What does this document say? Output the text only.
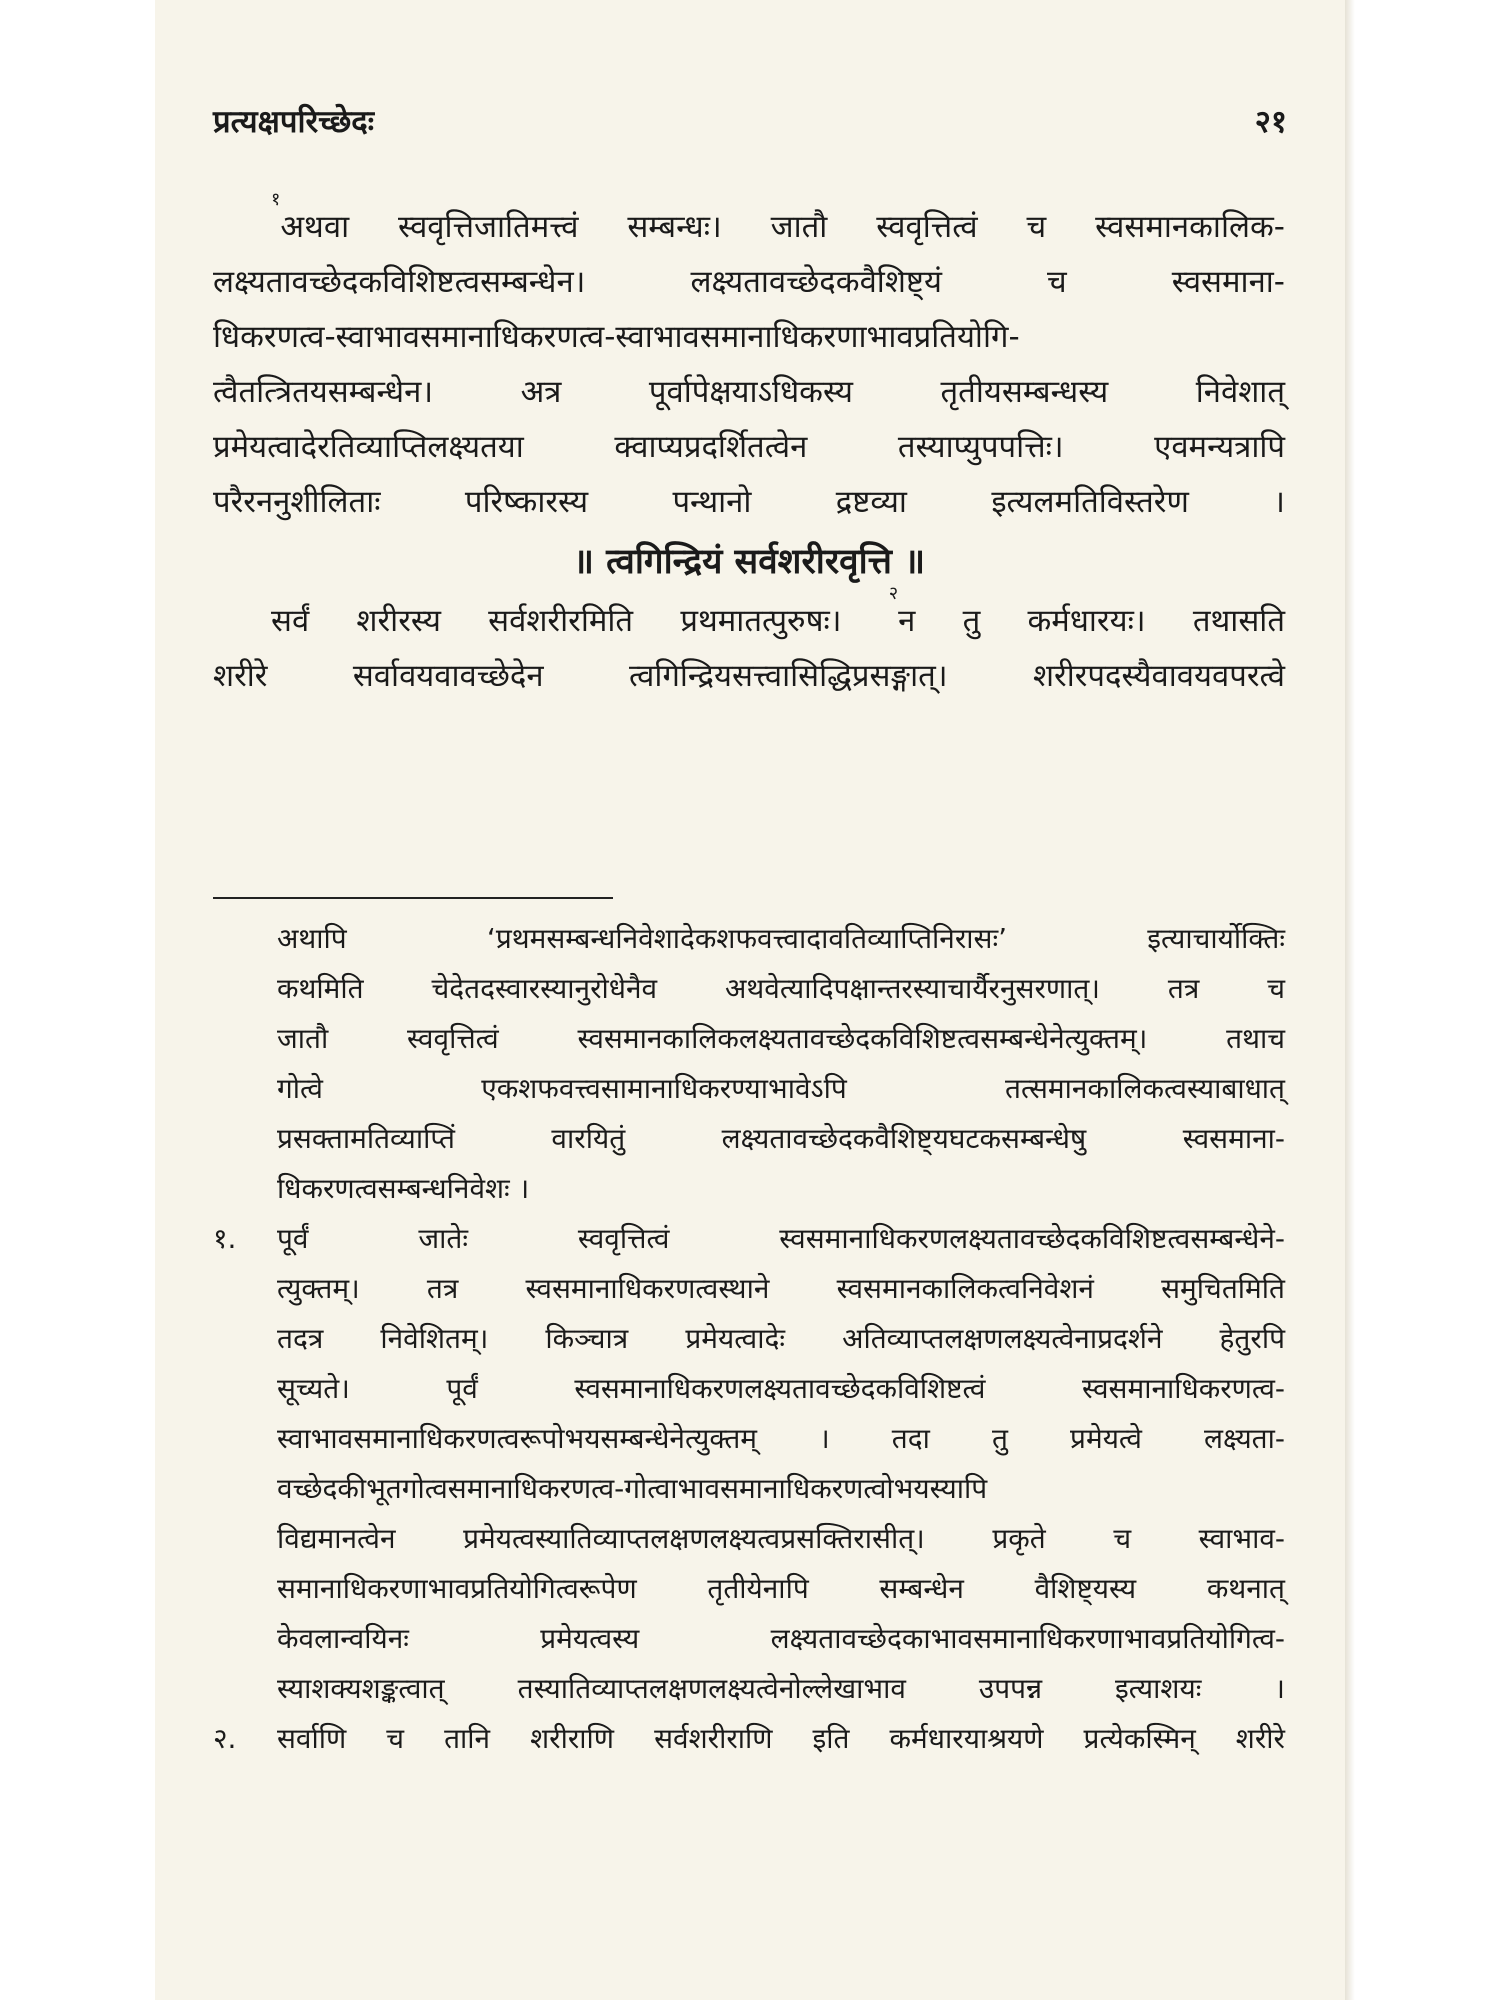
प्रत्यक्षपरिच्छेदः	२१

$^१$अथवा स्ववृत्तिजातिमत्त्वं सम्बन्धः। जातौ स्ववृत्तित्वं च स्वसमानकालिक-

लक्ष्यतावच्छेदकविशिष्टत्वसम्बन्धेन। लक्ष्यतावच्छेदकवैशिष्ट्यं च स्वसमाना-

धिकरणत्व-स्वाभावसमानाधिकरणत्व-स्वाभावसमानाधिकरणाभावप्रतियोगि-

त्वैतत्त्रितयसम्बन्धेन। अत्र पूर्वापेक्षयाऽधिकस्य तृतीयसम्बन्धस्य निवेशात्

प्रमेयत्वादेरतिव्याप्तिलक्ष्यतया क्वाप्यप्रदर्शितत्वेन तस्याप्युपपत्तिः। एवमन्यत्रापि

परैरननुशीलिताः परिष्कारस्य पन्थानो द्रष्टव्या इत्यलमतिविस्तरेण ।

॥ त्वगिन्द्रियं सर्वशरीरवृत्ति ॥

सर्वं शरीरस्य सर्वशरीरमिति प्रथमातत्पुरुषः। $^२$न तु कर्मधारयः। तथासति

शरीरे सर्वावयवावच्छेदेन त्वगिन्द्रियसत्त्वासिद्धिप्रसङ्गात्। शरीरपदस्यैवावयवपरत्वे

अथापि ‘प्रथमसम्बन्धनिवेशादेकशफवत्त्वादावतिव्याप्तिनिरासः’ इत्याचार्योक्तिः

कथमिति चेदेतदस्वारस्यानुरोधेनैव अथवेत्यादिपक्षान्तरस्याचार्यैरनुसरणात्। तत्र च

जातौ स्ववृत्तित्वं स्वसमानकालिकलक्ष्यतावच्छेदकविशिष्टत्वसम्बन्धेनेत्युक्तम्। तथाच

गोत्वे एकशफवत्त्वसामानाधिकरण्याभावेऽपि तत्समानकालिकत्वस्याबाधात्

प्रसक्तामतिव्याप्तिं वारयितुं लक्ष्यतावच्छेदकवैशिष्ट्यघटकसम्बन्धेषु स्वसमाना-

धिकरणत्वसम्बन्धनिवेशः ।

१.	पूर्वं जातेः स्ववृत्तित्वं स्वसमानाधिकरणलक्ष्यतावच्छेदकविशिष्टत्वसम्बन्धेने-

त्युक्तम्। तत्र स्वसमानाधिकरणत्वस्थाने स्वसमानकालिकत्वनिवेशनं समुचितमिति

तदत्र निवेशितम्। किञ्चात्र प्रमेयत्वादेः अतिव्याप्तलक्षणलक्ष्यत्वेनाप्रदर्शने हेतुरपि

सूच्यते। पूर्वं स्वसमानाधिकरणलक्ष्यतावच्छेदकविशिष्टत्वं स्वसमानाधिकरणत्व-

स्वाभावसमानाधिकरणत्वरूपोभयसम्बन्धेनेत्युक्तम् । तदा तु प्रमेयत्वे लक्ष्यता-

वच्छेदकीभूतगोत्वसमानाधिकरणत्व-गोत्वाभावसमानाधिकरणत्वोभयस्यापि

विद्यमानत्वेन प्रमेयत्वस्यातिव्याप्तलक्षणलक्ष्यत्वप्रसक्तिरासीत्। प्रकृते च स्वाभाव-

समानाधिकरणाभावप्रतियोगित्वरूपेण तृतीयेनापि सम्बन्धेन वैशिष्ट्यस्य कथनात्

केवलान्वयिनः प्रमेयत्वस्य लक्ष्यतावच्छेदकाभावसमानाधिकरणाभावप्रतियोगित्व-

स्याशक्यशङ्कत्वात् तस्यातिव्याप्तलक्षणलक्ष्यत्वेनोल्लेखाभाव उपपन्न इत्याशयः ।

२.	सर्वाणि च तानि शरीराणि सर्वशरीराणि इति कर्मधारयाश्रयणे प्रत्येकस्मिन् शरीरे
